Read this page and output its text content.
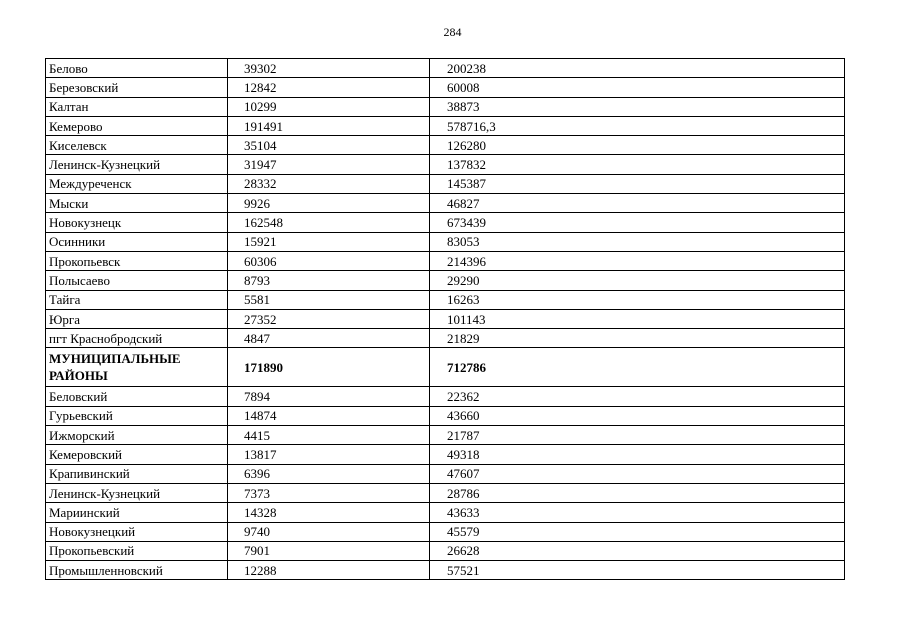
284
Белово	39302	200238
Березовский	12842	60008
Калтан	10299	38873
Кемерово	191491	578716,3
Киселевск	35104	126280
Ленинск-Кузнецкий	31947	137832
Междуреченск	28332	145387
Мыски	9926	46827
Новокузнецк	162548	673439
Осинники	15921	83053
Прокопьевск	60306	214396
Полысаево	8793	29290
Тайга	5581	16263
Юрга	27352	101143
пгт Краснобродский	4847	21829
МУНИЦИПАЛЬНЫЕ РАЙОНЫ	171890	712786
Беловский	7894	22362
Гурьевский	14874	43660
Ижморский	4415	21787
Кемеровский	13817	49318
Крапивинский	6396	47607
Ленинск-Кузнецкий	7373	28786
Мариинский	14328	43633
Новокузнецкий	9740	45579
Прокопьевский	7901	26628
Промышленновский	12288	57521
